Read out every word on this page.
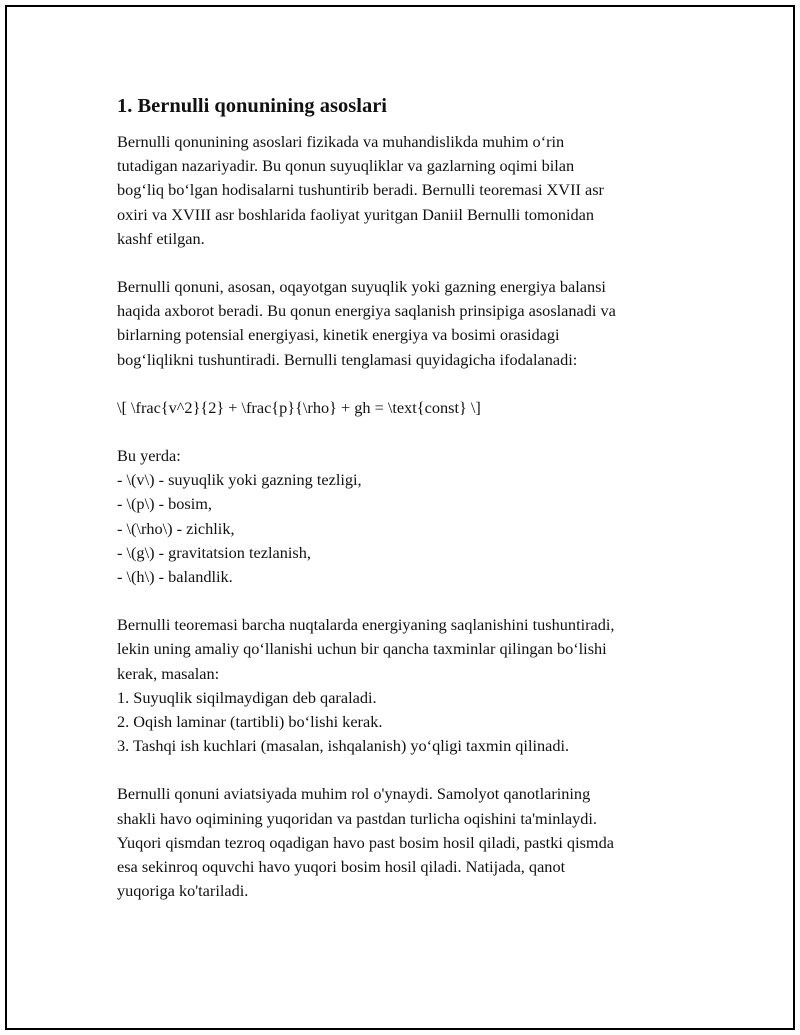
1. Bernulli qonunining asoslari

Bernulli qonunining asoslari fizikada va muhandislikda muhim o‘rin
tutadigan nazariyadir. Bu qonun suyuqliklar va gazlarning oqimi bilan
bog‘liq bo‘lgan hodisalarni tushuntirib beradi. Bernulli teoremasi XVII asr
oxiri va XVIII asr boshlarida faoliyat yuritgan Daniil Bernulli tomonidan
kashf etilgan.

Bernulli qonuni, asosan, oqayotgan suyuqlik yoki gazning energiya balansi
haqida axborot beradi. Bu qonun energiya saqlanish prinsipiga asoslanadi va
birlarning potensial energiyasi, kinetik energiya va bosimi orasidagi
bog‘liqlikni tushuntiradi. Bernulli tenglamasi quyidagicha ifodalanadi:

\[ \frac{v^2}{2} + \frac{p}{\rho} + gh = \text{const} \]

Bu yerda:
- \(v\) - suyuqlik yoki gazning tezligi,
- \(p\) - bosim,
- \(\rho\) - zichlik,
- \(g\) - gravitatsion tezlanish,
- \(h\) - balandlik.

Bernulli teoremasi barcha nuqtalarda energiyaning saqlanishini tushuntiradi,
lekin uning amaliy qo‘llanishi uchun bir qancha taxminlar qilingan bo‘lishi
kerak, masalan:
1. Suyuqlik siqilmaydigan deb qaraladi.
2. Oqish laminar (tartibli) bo‘lishi kerak.
3. Tashqi ish kuchlari (masalan, ishqalanish) yo‘qligi taxmin qilinadi.

Bernulli qonuni aviatsiyada muhim rol o'ynaydi. Samolyot qanotlarining
shakli havo oqimining yuqoridan va pastdan turlicha oqishini ta'minlaydi.
Yuqori qismdan tezroq oqadigan havo past bosim hosil qiladi, pastki qismda
esa sekinroq oquvchi havo yuqori bosim hosil qiladi. Natijada, qanot
yuqoriga ko'tariladi.
